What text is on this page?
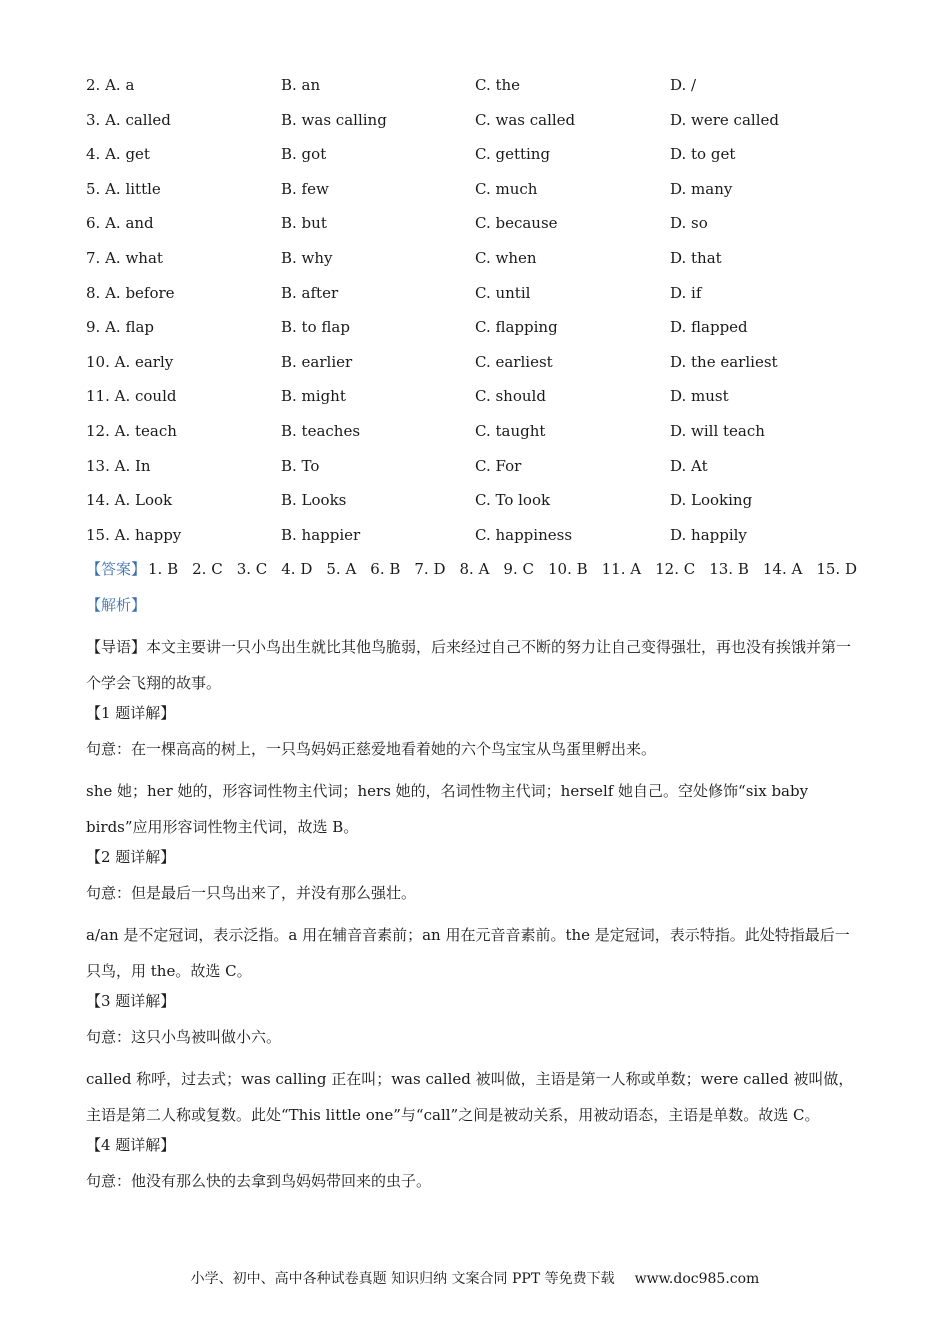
2. A. a	B. an	C. the	D. /
3. A. called	B. was calling	C. was called	D. were called
4. A. get	B. got	C. getting	D. to get
5. A. little	B. few	C. much	D. many
6. A. and	B. but	C. because	D. so
7. A. what	B. why	C. when	D. that
8. A. before	B. after	C. until	D. if
9. A. flap	B. to flap	C. flapping	D. flapped
10. A. early	B. earlier	C. earliest	D. the earliest
11. A. could	B. might	C. should	D. must
12. A. teach	B. teaches	C. taught	D. will teach
13. A. In	B. To	C. For	D. At
14. A. Look	B. Looks	C. To look	D. Looking
15. A. happy	B. happier	C. happiness	D. happily
【答案】 1. B 2. C 3. C 4. D 5. A 6. B 7. D 8. A 9. C 10. B 11. A 12. C 13. B 14. A 15. D
【解析】

【导语】本文主要讲一只小鸟出生就比其他鸟脆弱，后来经过自己不断的努力让自己变得强壮，再也没有挨饿并第一个学会飞翔的故事。

【1 题详解】
句意：在一棵高高的树上，一只鸟妈妈正慈爱地看着她的六个鸟宝宝从鸟蛋里孵出来。

she 她；her 她的，形容词性物主代词；hers 她的，名词性物主代词；herself 她自己。空处修饰“six baby birds”应用形容词性物主代词，故选 B。

【2 题详解】
句意：但是最后一只鸟出来了，并没有那么强壮。

a/an 是不定冠词，表示泛指。a 用在辅音音素前；an 用在元音音素前。the 是定冠词，表示特指。此处特指最后一只鸟，用 the。故选 C。

【3 题详解】
句意：这只小鸟被叫做小六。

called 称呼，过去式；was calling 正在叫；was called 被叫做，主语是第一人称或单数；were called 被叫做，主语是第二人称或复数。此处“This little one”与“call”之间是被动关系，用被动语态，主语是单数。故选 C。

【4 题详解】
句意：他没有那么快的去拿到鸟妈妈带回来的虫子。
小学、初中、高中各种试卷真题 知识归纳 文案合同 PPT 等免费下载 www.doc985.com
